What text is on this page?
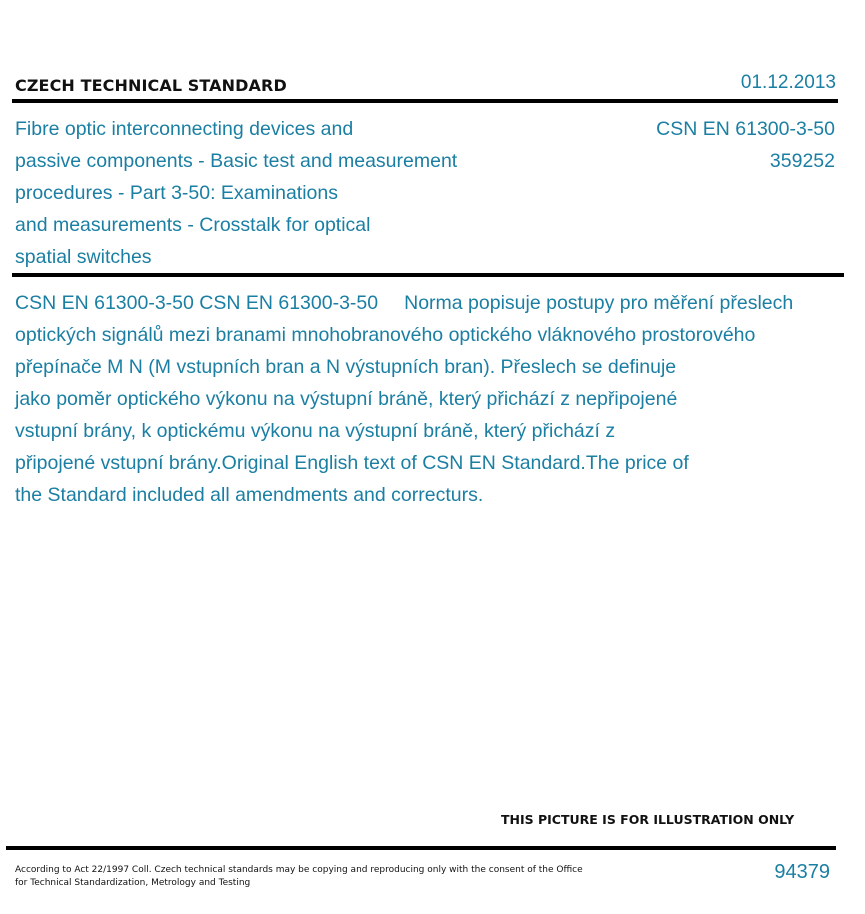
CZECH TECHNICAL STANDARD	01.12.2013
Fibre optic interconnecting devices and
passive components - Basic test and measurement
procedures - Part 3-50: Examinations
and measurements - Crosstalk for optical
spatial switches
CSN EN 61300-3-50
359252
CSN EN 61300-3-50 CSN EN 61300-3-50 Norma popisuje postupy pro měření přeslech
optických signálů mezi branami mnohobranového optického vláknového prostorového
přepínače M N (M vstupních bran a N výstupních bran). Přeslech se definuje
jako poměr optického výkonu na výstupní bráně, který přichází z nepřipojené
vstupní brány, k optickému výkonu na výstupní bráně, který přichází z
připojené vstupní brány.Original English text of CSN EN Standard.The price of
the Standard included all amendments and correcturs.
THIS PICTURE IS FOR ILLUSTRATION ONLY
According to Act 22/1997 Coll. Czech technical standards may be copying and reproducing only with the consent of the Office
for Technical Standardization, Metrology and Testing	94379
